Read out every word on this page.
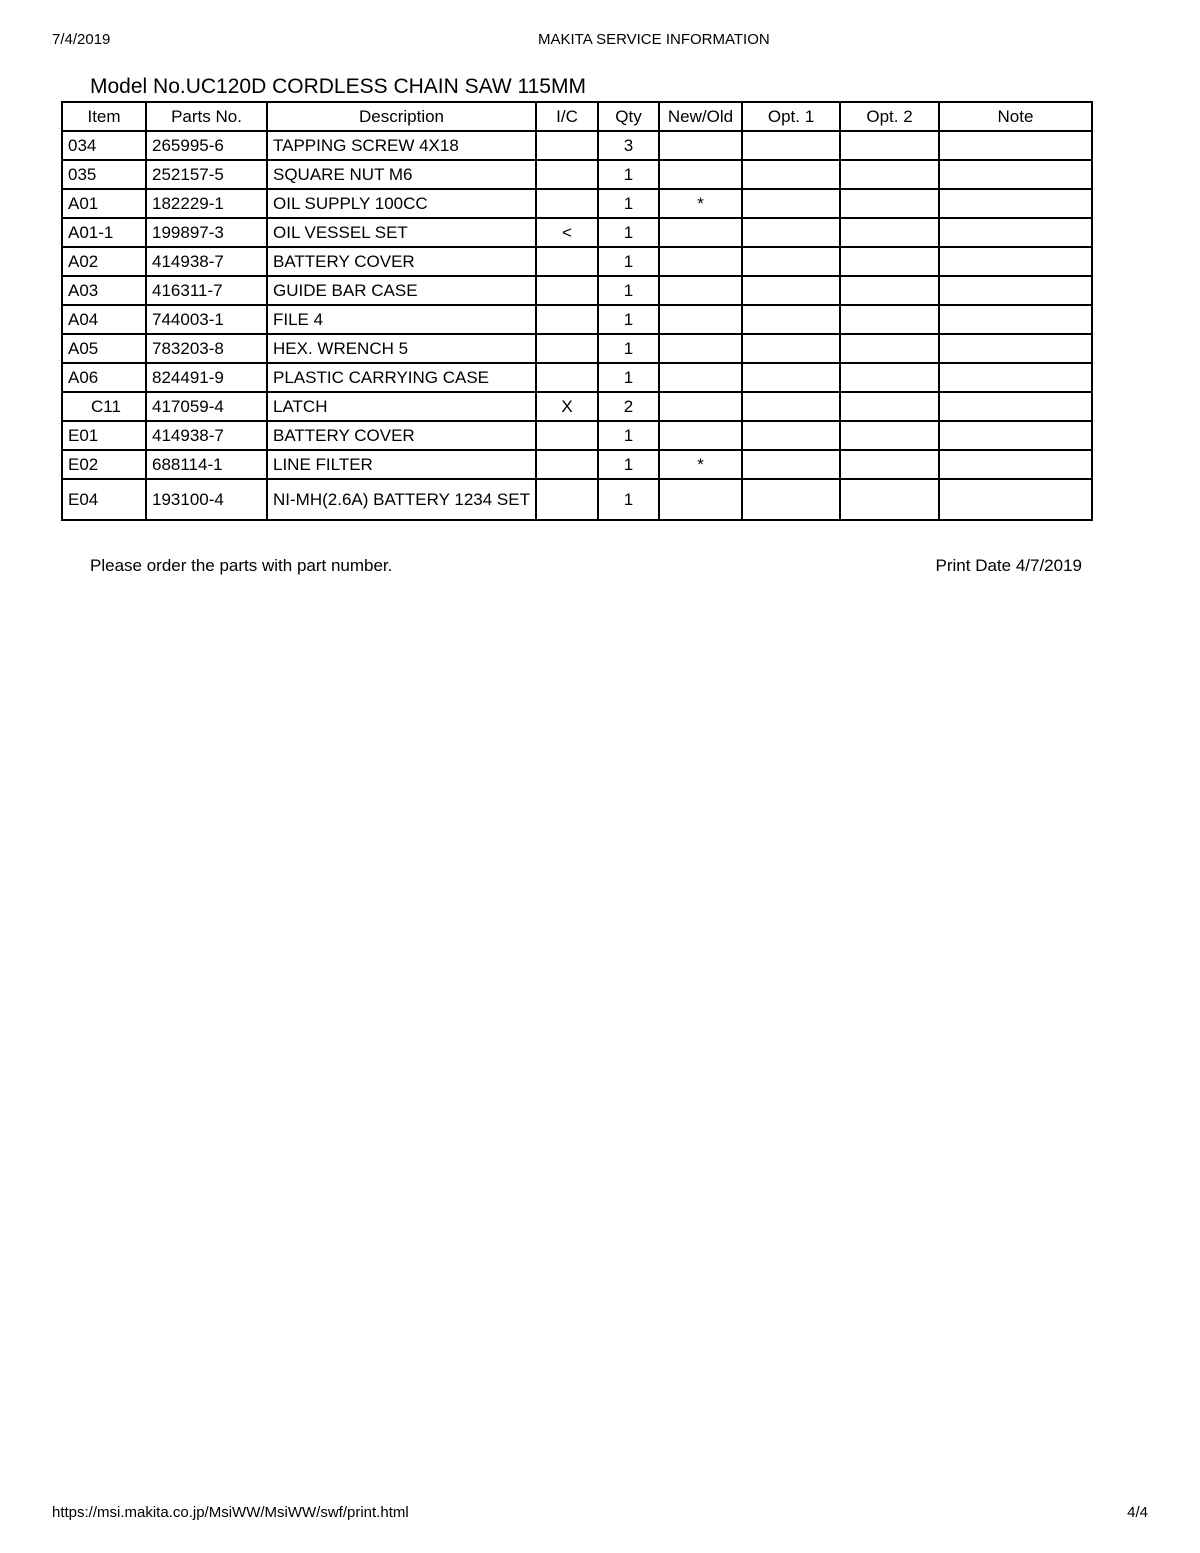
7/4/2019	MAKITA SERVICE INFORMATION
Model No.UC120D CORDLESS CHAIN SAW 115MM
Item	Parts No.	Description	I/C	Qty	New/Old	Opt. 1	Opt. 2	Note
034	265995-6	TAPPING SCREW 4X18		3				
035	252157-5	SQUARE NUT M6		1				
A01	182229-1	OIL SUPPLY 100CC		1	*			
A01-1	199897-3	OIL VESSEL SET	<	1				
A02	414938-7	BATTERY COVER		1				
A03	416311-7	GUIDE BAR CASE		1				
A04	744003-1	FILE 4		1				
A05	783203-8	HEX. WRENCH 5		1				
A06	824491-9	PLASTIC CARRYING CASE		1				
C11	417059-4	LATCH	X	2				
E01	414938-7	BATTERY COVER		1				
E02	688114-1	LINE FILTER		1	*			
E04	193100-4	NI-MH(2.6A) BATTERY 1234 SET		1				
Please order the parts with part number.	Print Date 4/7/2019
https://msi.makita.co.jp/MsiWW/MsiWW/swf/print.html	4/4
